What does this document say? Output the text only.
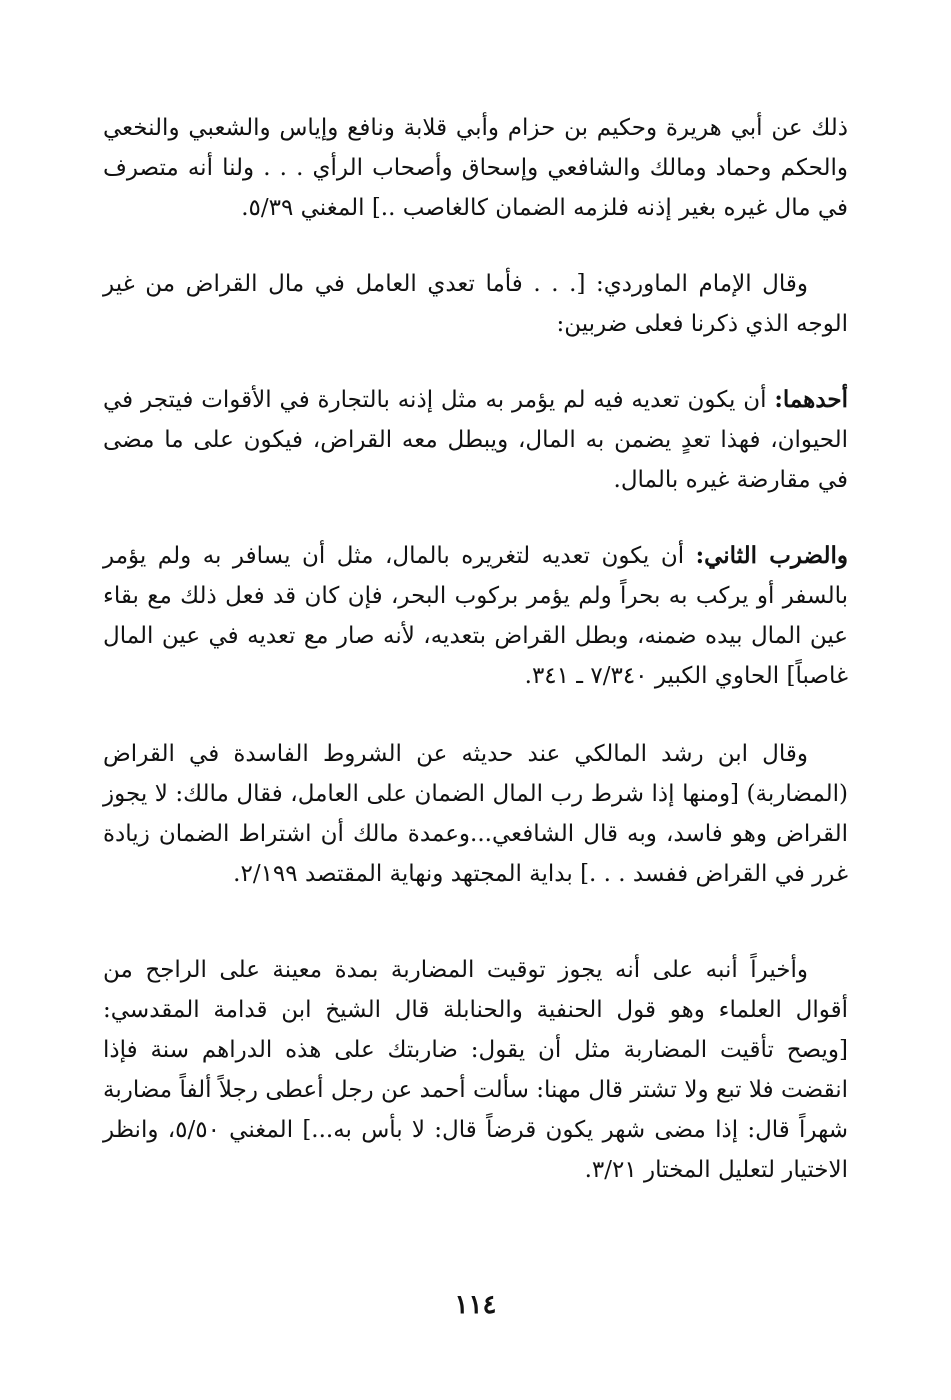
ذلك عن أبي هريرة وحكيم بن حزام وأبي قلابة ونافع وإياس والشعبي والنخعي والحكم وحماد ومالك والشافعي وإسحاق وأصحاب الرأي . . . ولنا أنه متصرف في مال غيره بغير إذنه فلزمه الضمان كالغاصب ..] المغني ٥/٣٩.

وقال الإمام الماوردي: [. . . فأما تعدي العامل في مال القراض من غير الوجه الذي ذكرنا فعلى ضربين:

أحدهما: أن يكون تعديه فيه لم يؤمر به مثل إذنه بالتجارة في الأقوات فيتجر في الحيوان، فهذا تعدٍ يضمن به المال، ويبطل معه القراض، فيكون على ما مضى في مقارضة غيره بالمال.

والضرب الثاني: أن يكون تعديه لتغريره بالمال، مثل أن يسافر به ولم يؤمر بالسفر أو يركب به بحراً ولم يؤمر بركوب البحر، فإن كان قد فعل ذلك مع بقاء عين المال بيده ضمنه، وبطل القراض بتعديه، لأنه صار مع تعديه في عين المال غاصباً] الحاوي الكبير ٧/٣٤٠ ـ ٣٤١.

وقال ابن رشد المالكي عند حديثه عن الشروط الفاسدة في القراض (المضاربة) [ومنها إذا شرط رب المال الضمان على العامل، فقال مالك: لا يجوز القراض وهو فاسد، وبه قال الشافعي...وعمدة مالك أن اشتراط الضمان زيادة غرر في القراض ففسد . . .] بداية المجتهد ونهاية المقتصد ٢/١٩٩.

وأخيراً أنبه على أنه يجوز توقيت المضاربة بمدة معينة على الراجح من أقوال العلماء وهو قول الحنفية والحنابلة قال الشيخ ابن قدامة المقدسي: [ويصح تأقيت المضاربة مثل أن يقول: ضاربتك على هذه الدراهم سنة فإذا انقضت فلا تبع ولا تشتر قال مهنا: سألت أحمد عن رجل أعطى رجلاً ألفاً مضاربة شهراً قال: إذا مضى شهر يكون قرضاً قال: لا بأس به...] المغني ٥/٥٠، وانظر الاختيار لتعليل المختار ٣/٢١.

١١٤
